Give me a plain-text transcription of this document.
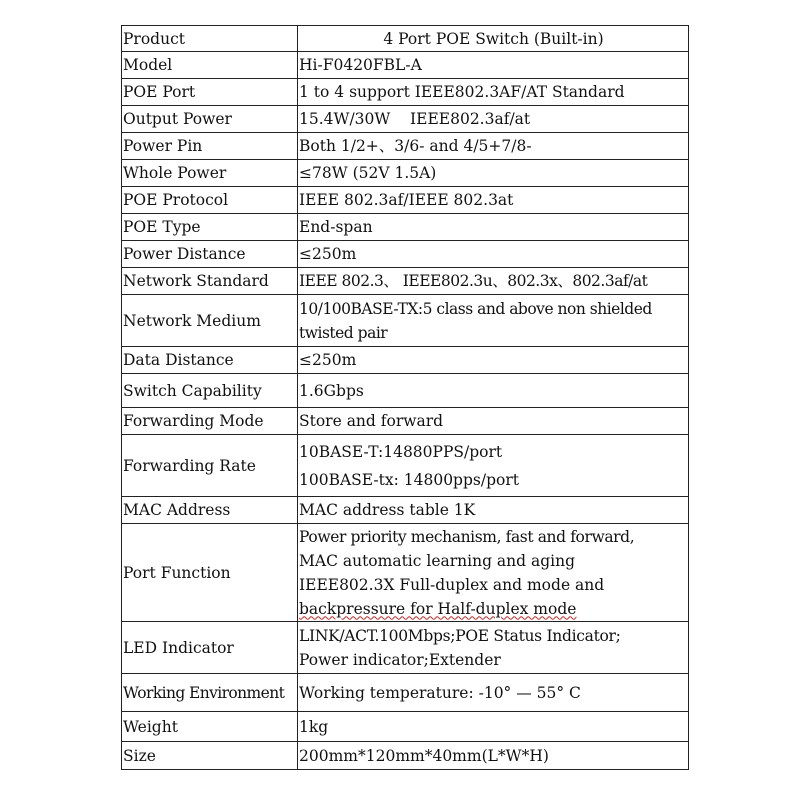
Product	4 Port POE Switch (Built-in)
Model	Hi-F0420FBL-A
POE Port	1 to 4 support IEEE802.3AF/AT Standard
Output Power	15.4W/30W    IEEE802.3af/at
Power Pin	Both 1/2+、3/6- and 4/5+7/8-
Whole Power	≤78W (52V 1.5A)
POE Protocol	IEEE 802.3af/IEEE 802.3at
POE Type	End-span
Power Distance	≤250m
Network Standard	IEEE 802.3、 IEEE802.3u、802.3x、802.3af/at
Network Medium	10/100BASE-TX:5 class and above non shielded
twisted pair

Data Distance	≤250m
Switch Capability	1.6Gbps
Forwarding Mode	Store and forward
Forwarding Rate	10BASE-T:14880PPS/port
100BASE-tx: 14800pps/port

MAC Address	MAC address table 1K
Port Function	Power priority mechanism, fast and forward,
MAC automatic learning and aging
IEEE802.3X Full-duplex and mode and
backpressure for Half-duplex mode

LED Indicator	LINK/ACT.100Mbps;POE Status Indicator;
Power indicator;Extender

Working Environment	Working temperature: -10° — 55° C
Weight	1kg
Size	200mm*120mm*40mm(L*W*H)
